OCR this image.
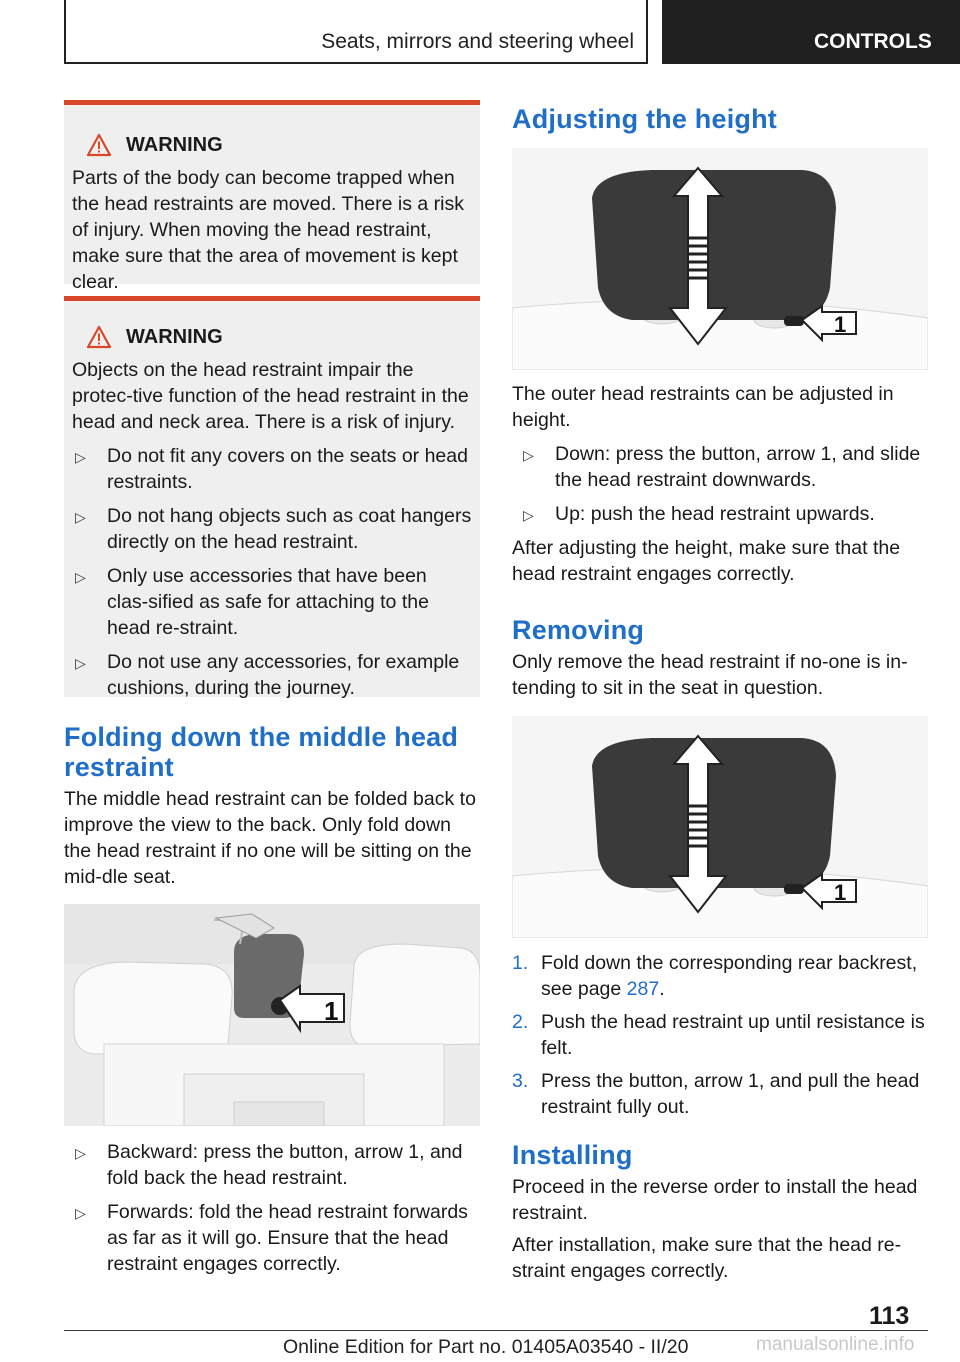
Seats, mirrors and steering wheel	CONTROLS
WARNING

Parts of the body can become trapped when the head restraints are moved. There is a risk of injury. When moving the head restraint, make sure that the area of movement is kept clear.

WARNING

Objects on the head restraint impair the protec-tive function of the head restraint in the head and neck area. There is a risk of injury.

▷ Do not fit any covers on the seats or head restraints.
▷ Do not hang objects such as coat hangers directly on the head restraint.
▷ Only use accessories that have been clas-sified as safe for attaching to the head re-straint.
▷ Do not use any accessories, for example cushions, during the journey.
Folding down the middle head restraint

The middle head restraint can be folded back to improve the view to the back. Only fold down the head restraint if no one will be sitting on the mid-dle seat.

1
▷ Backward: press the button, arrow 1, and fold back the head restraint.
▷ Forwards: fold the head restraint forwards as far as it will go. Ensure that the head restraint engages correctly.
Adjusting the height
1

The outer head restraints can be adjusted in height.

▷ Down: press the button, arrow 1, and slide the head restraint downwards.
▷ Up: push the head restraint upwards.

After adjusting the height, make sure that the head restraint engages correctly.

Removing

Only remove the head restraint if no-one is in-tending to sit in the seat in question.

1
1. Fold down the corresponding rear backrest, see page 287.
2. Push the head restraint up until resistance is felt.
3. Press the button, arrow 1, and pull the head restraint fully out.
Installing

Proceed in the reverse order to install the head restraint.

After installation, make sure that the head re-straint engages correctly.

113
Online Edition for Part no. 01405A03540 - II/20	manualsonline.info
